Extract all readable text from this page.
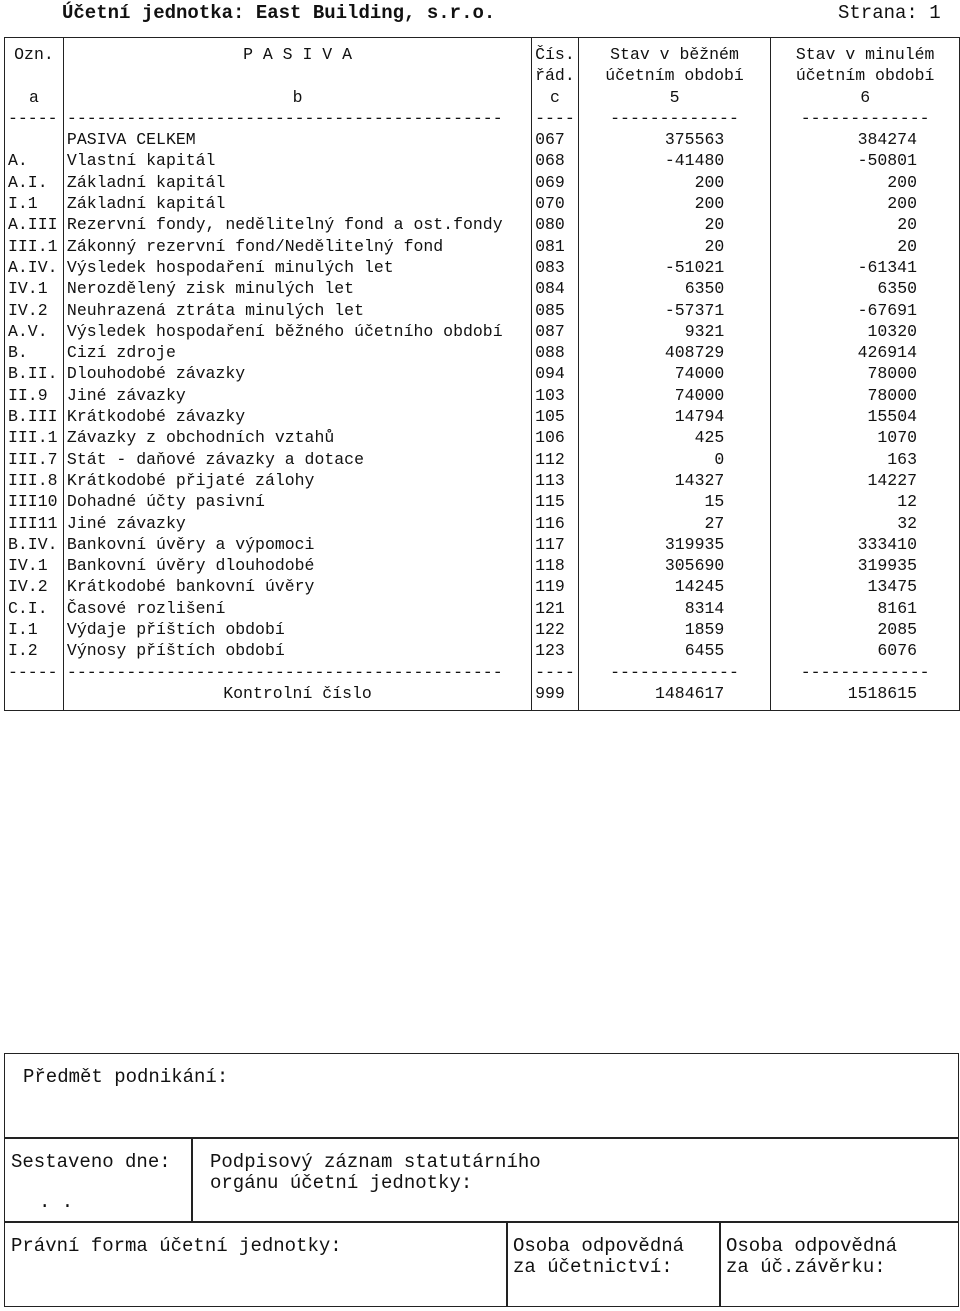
Účetní jednotka: East Building, s.r.o.	Strana: 1

Ozn.	P A S I V A	Čís.	Stav v běžném	Stav v minulém
		řád.	účetním období	účetním období
a	b	c	5	6
-----	--------------------------------------------	----	-------------	-------------
	PASIVA CELKEM	067	375563	384274
A.	Vlastní kapitál	068	-41480	-50801
A.I.	Základní kapitál	069	200	200
I.1	Základní kapitál	070	200	200
A.III	Rezervní fondy, nedělitelný fond a ost.fondy	080	20	20
III.1	Zákonný rezervní fond/Nedělitelný fond	081	20	20
A.IV.	Výsledek hospodaření minulých let	083	-51021	-61341
IV.1	Nerozdělený zisk minulých let	084	6350	6350
IV.2	Neuhrazená ztráta minulých let	085	-57371	-67691
A.V.	Výsledek hospodaření běžného účetního období	087	9321	10320
B.	Cizí zdroje	088	408729	426914
B.II.	Dlouhodobé závazky	094	74000	78000
II.9	Jiné závazky	103	74000	78000
B.III	Krátkodobé závazky	105	14794	15504
III.1	Závazky z obchodních vztahů	106	425	1070
III.7	Stát - daňové závazky a dotace	112	0	163
III.8	Krátkodobé přijaté zálohy	113	14327	14227
III10	Dohadné účty pasivní	115	15	12
III11	Jiné závazky	116	27	32
B.IV.	Bankovní úvěry a výpomoci	117	319935	333410
IV.1	Bankovní úvěry dlouhodobé	118	305690	319935
IV.2	Krátkodobé bankovní úvěry	119	14245	13475
C.I.	Časové rozlišení	121	8314	8161
I.1	Výdaje příštích období	122	1859	2085
I.2	Výnosy příštích období	123	6455	6076
-----	--------------------------------------------	----	-------------	-------------
	Kontrolní číslo	999	1484617	1518615

Předmět podnikání:

Sestaveno dne:

. .

Podpisový záznam statutárního

orgánu účetní jednotky:

Právní forma účetní jednotky:

	Osoba odpovědná

za účetnictví:

Osoba odpovědná

za úč.závěrku:
